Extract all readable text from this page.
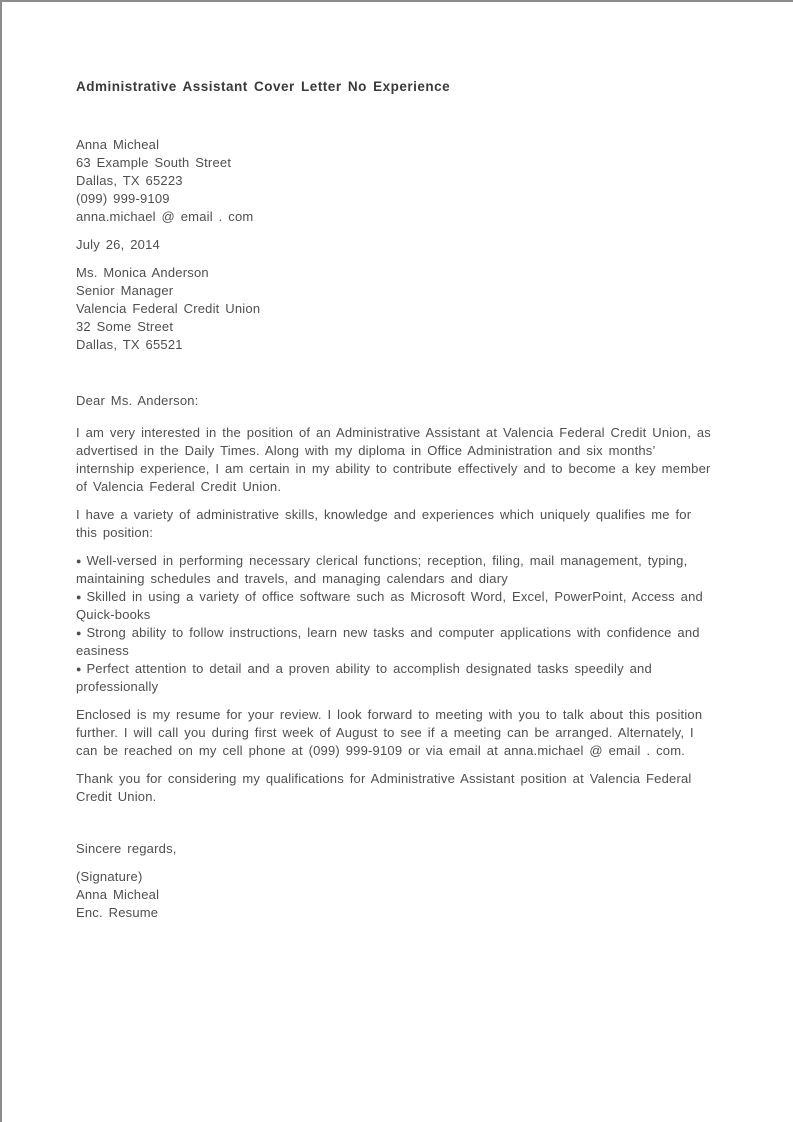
Administrative Assistant Cover Letter No Experience
Anna Micheal
63 Example South Street
Dallas, TX 65223
(099) 999-9109
anna.michael @ email . com

July 26, 2014

Ms. Monica Anderson
Senior Manager
Valencia Federal Credit Union
32 Some Street
Dallas, TX 65521

Dear Ms. Anderson:

I am very interested in the position of an Administrative Assistant at Valencia Federal Credit Union, as advertised in the Daily Times. Along with my diploma in Office Administration and six months’ internship experience, I am certain in my ability to contribute effectively and to become a key member of Valencia Federal Credit Union.

I have a variety of administrative skills, knowledge and experiences which uniquely qualifies me for this position:

● Well-versed in performing necessary clerical functions; reception, filing, mail management, typing, maintaining schedules and travels, and managing calendars and diary

● Skilled in using a variety of office software such as Microsoft Word, Excel, PowerPoint, Access and Quick-books

● Strong ability to follow instructions, learn new tasks and computer applications with confidence and easiness

● Perfect attention to detail and a proven ability to accomplish designated tasks speedily and professionally

Enclosed is my resume for your review. I look forward to meeting with you to talk about this position further. I will call you during first week of August to see if a meeting can be arranged. Alternately, I can be reached on my cell phone at (099) 999-9109 or via email at anna.michael @ email . com.

Thank you for considering my qualifications for Administrative Assistant position at Valencia Federal Credit Union.

Sincere regards,

(Signature)
Anna Micheal

Enc. Resume
